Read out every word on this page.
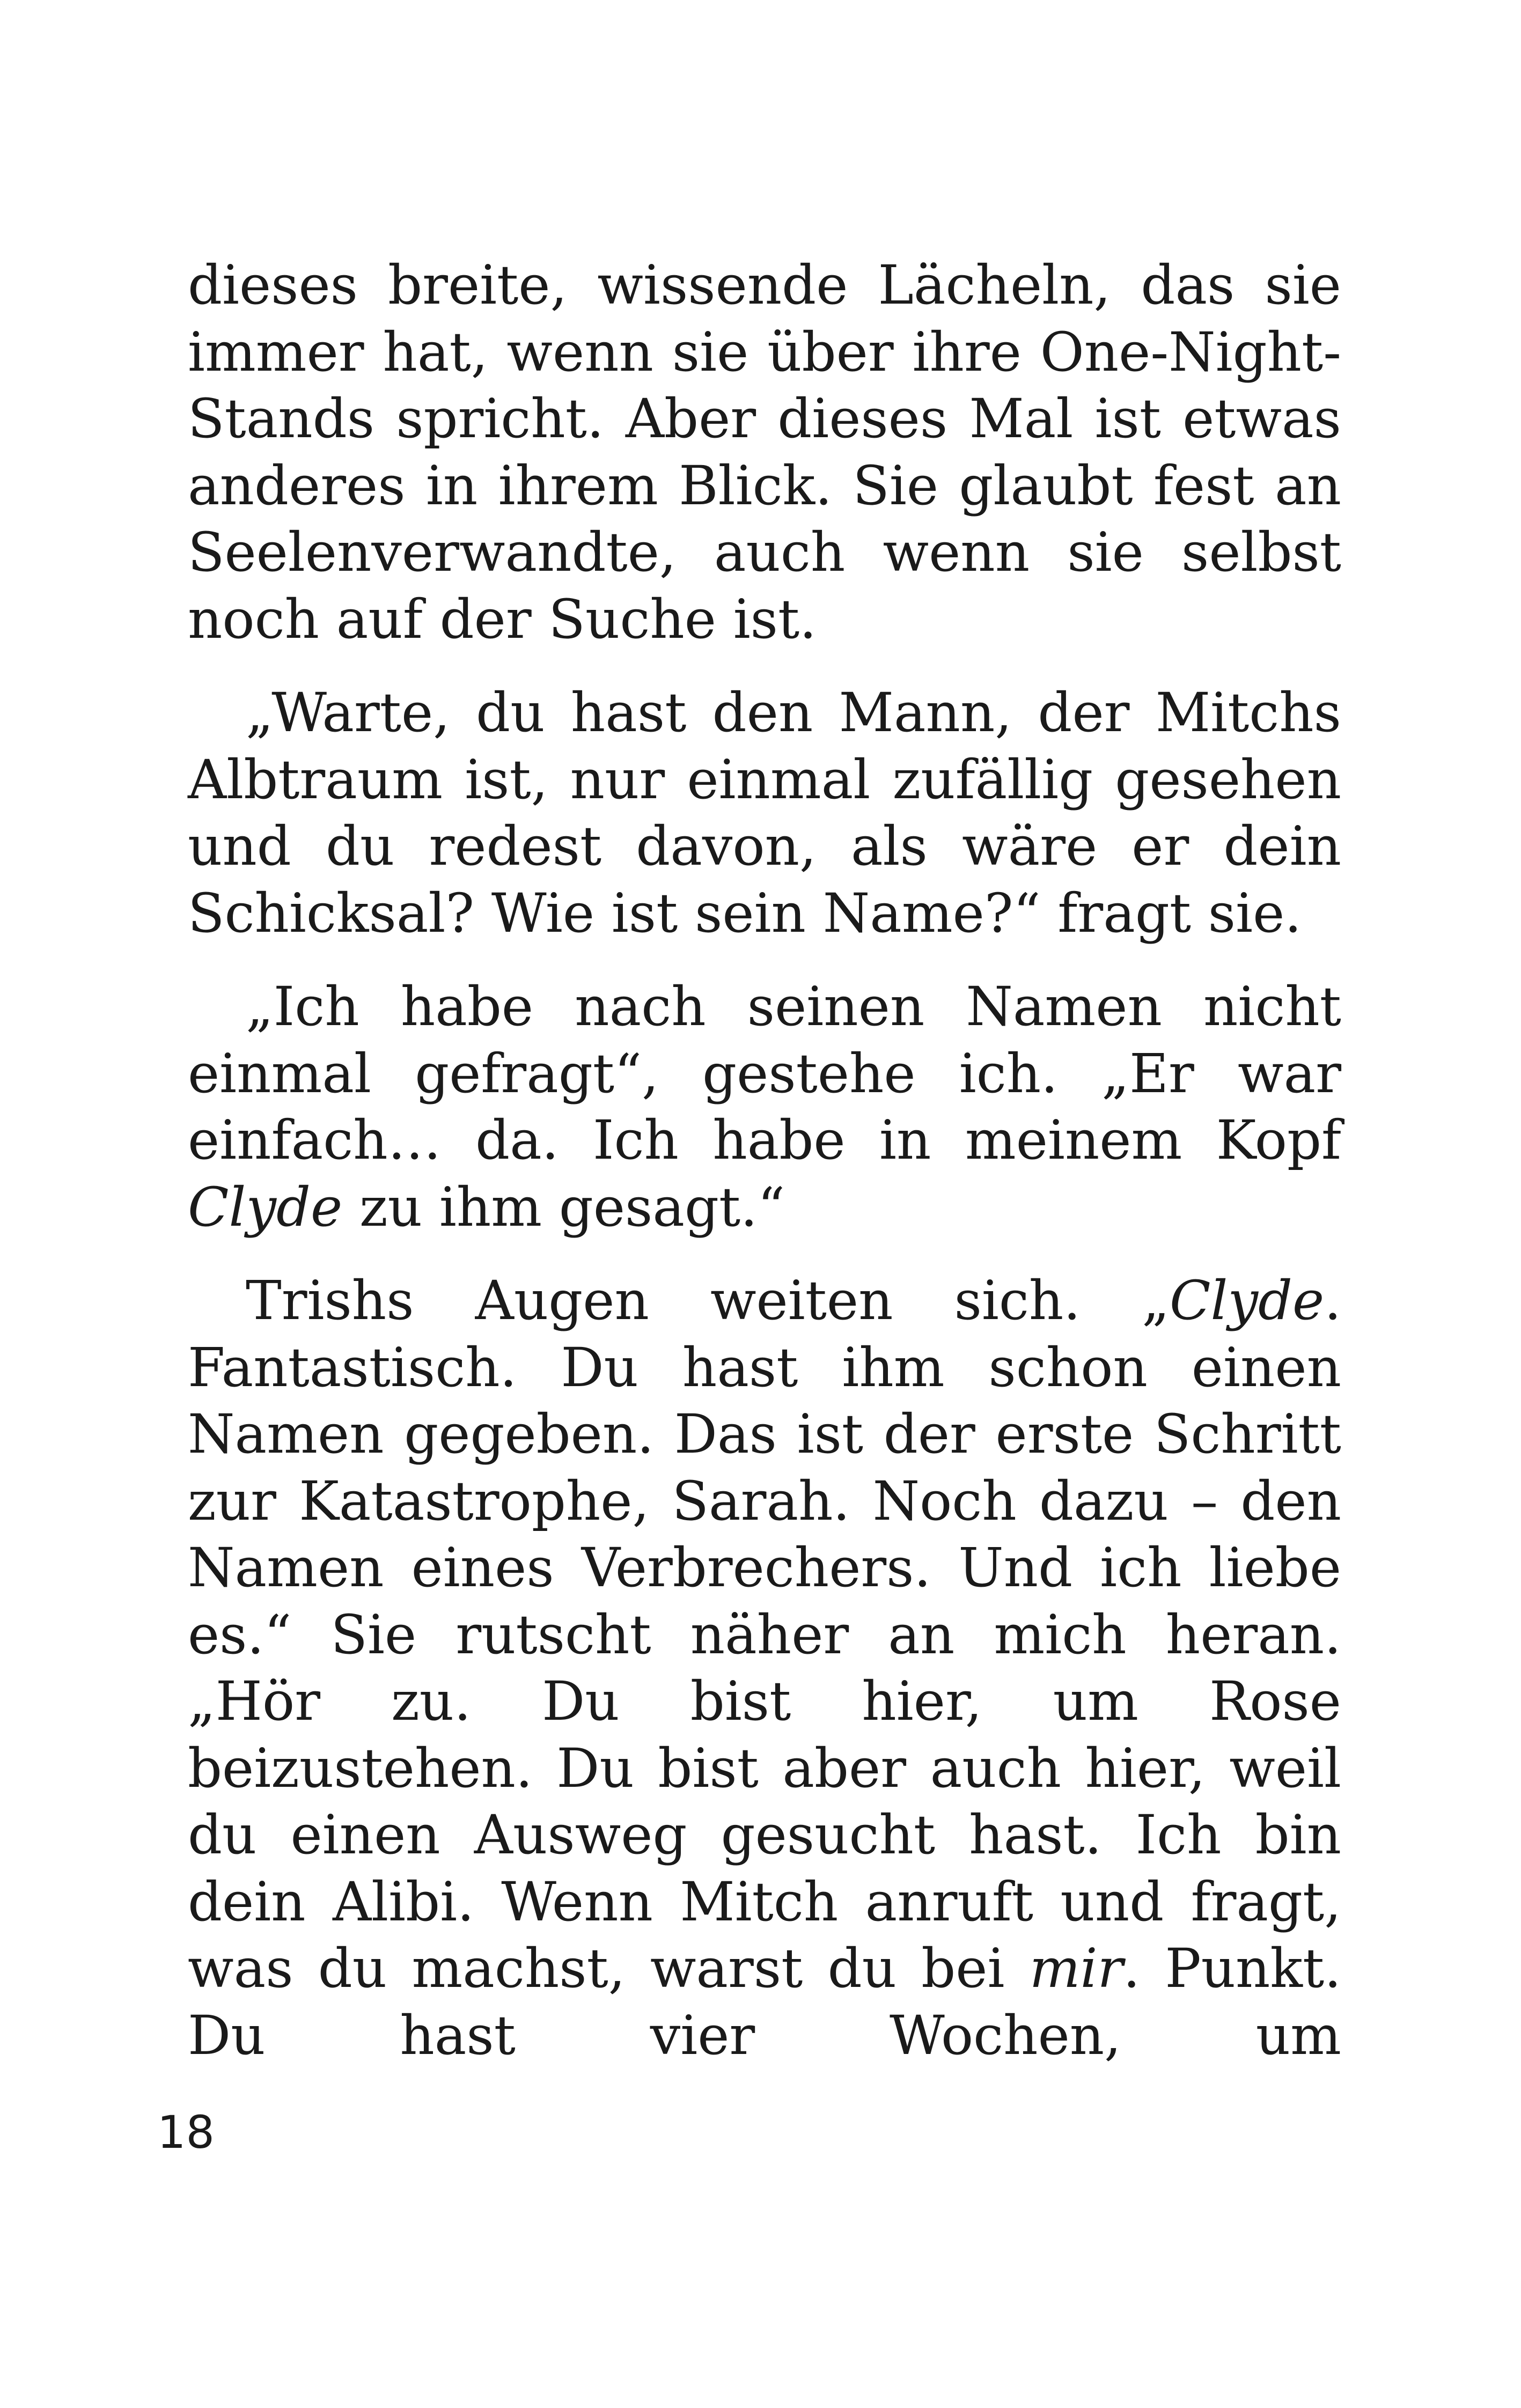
dieses breite, wissende Lächeln, das sie immer hat, wenn sie über ihre One-Night-Stands spricht. Aber dieses Mal ist etwas anderes in ihrem Blick. Sie glaubt fest an Seelenverwandte, auch wenn sie selbst noch auf der Suche ist.

„Warte, du hast den Mann, der Mitchs Albtraum ist, nur einmal zufällig gesehen und du redest davon, als wäre er dein Schicksal? Wie ist sein Name?“ fragt sie.

„Ich habe nach seinen Namen nicht einmal gefragt“, gestehe ich. „Er war einfach… da. Ich habe in meinem Kopf Clyde zu ihm gesagt.“

Trishs Augen weiten sich. „Clyde. Fantastisch. Du hast ihm schon einen Namen gegeben. Das ist der erste Schritt zur Katastrophe, Sarah. Noch dazu – den Namen eines Verbrechers. Und ich liebe es.“ Sie rutscht näher an mich heran. „Hör zu. Du bist hier, um Rose beizustehen. Du bist aber auch hier, weil du einen Ausweg gesucht hast. Ich bin dein Alibi. Wenn Mitch anruft und fragt, was du machst, warst du bei mir. Punkt. Du hast vier Wochen, um

18
